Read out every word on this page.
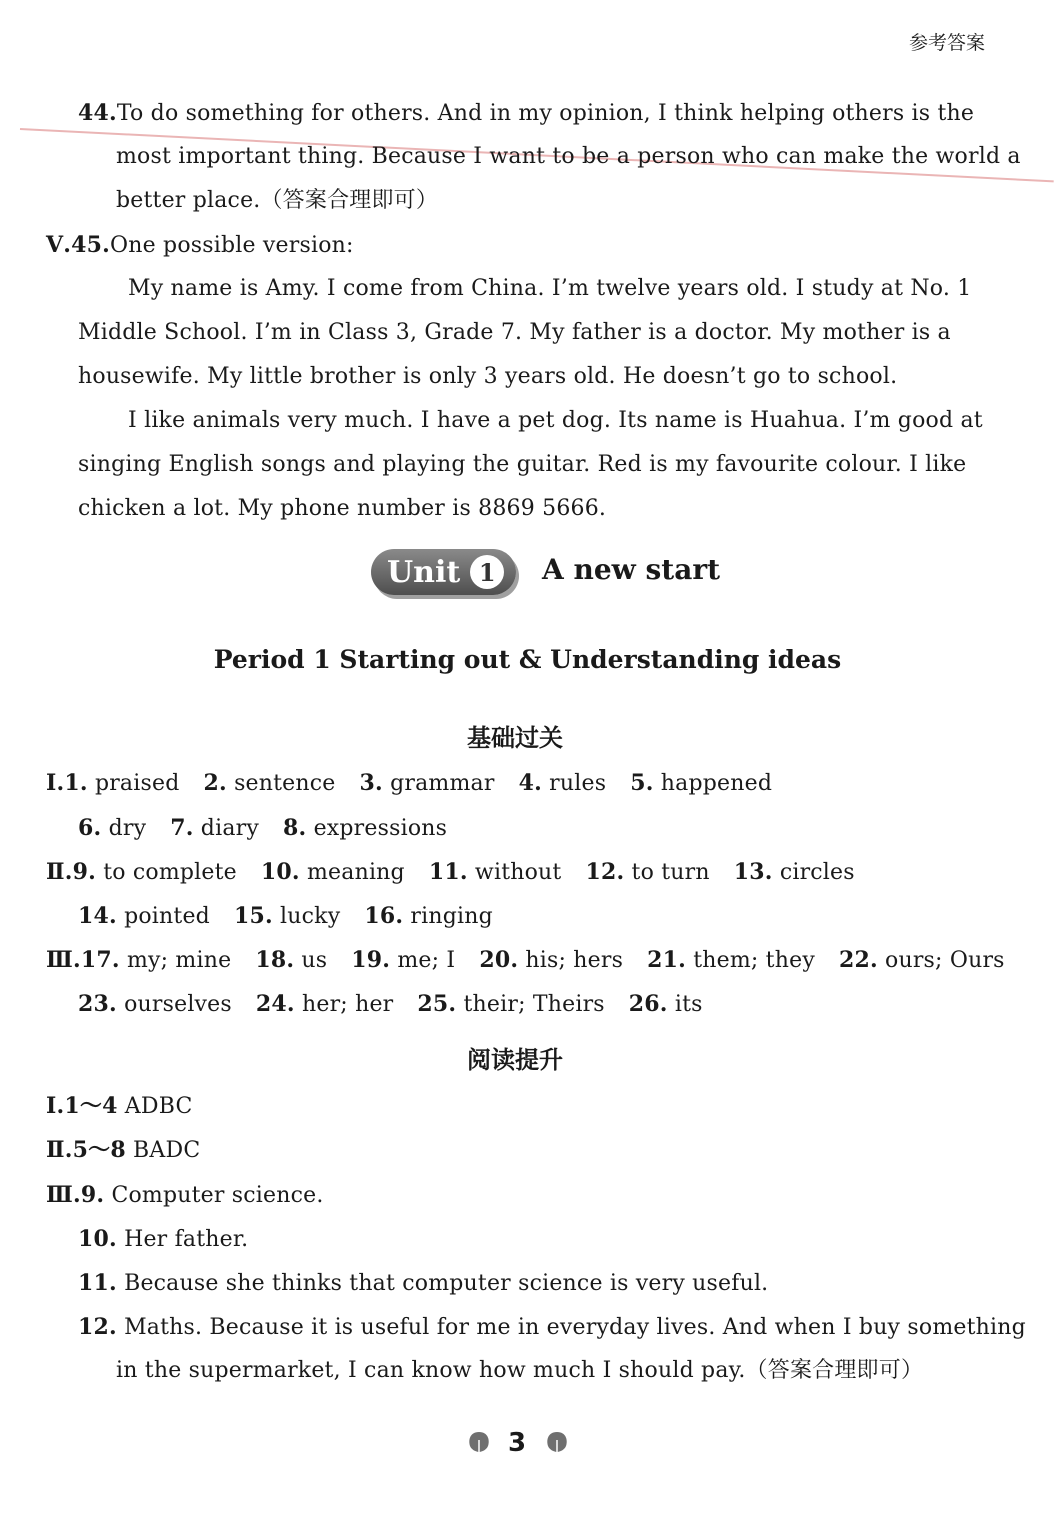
参考答案
44.To do something for others. And in my opinion, I think helping others is the
most important thing. Because I want to be a person who can make the world a
better place.（答案合理即可）
Ⅴ.45.One possible version:
My name is Amy. I come from China. I’m twelve years old. I study at No. 1
Middle School. I’m in Class 3, Grade 7. My father is a doctor. My mother is a
housewife. My little brother is only 3 years old. He doesn’t go to school.
I like animals very much. I have a pet dog. Its name is Huahua. I’m good at
singing English songs and playing the guitar. Red is my favourite colour. I like
chicken a lot. My phone number is 8869 5666.
Unit 1	A new start
Period 1 Starting out & Understanding ideas
基础过关
Ⅰ.1. praised 2. sentence 3. grammar 4. rules 5. happened
6. dry 7. diary 8. expressions
Ⅱ.9. to complete 10. meaning 11. without 12. to turn 13. circles
14. pointed 15. lucky 16. ringing
Ⅲ.17. my; mine 18. us 19. me; I 20. his; hers 21. them; they 22. ours; Ours
23. ourselves 24. her; her 25. their; Theirs 26. its
阅读提升
Ⅰ.1～4 ADBC
Ⅱ.5～8 BADC
Ⅲ.9. Computer science.
10. Her father.
11. Because she thinks that computer science is very useful.
12. Maths. Because it is useful for me in everyday lives. And when I buy something
in the supermarket, I can know how much I should pay.（答案合理即可）
3
